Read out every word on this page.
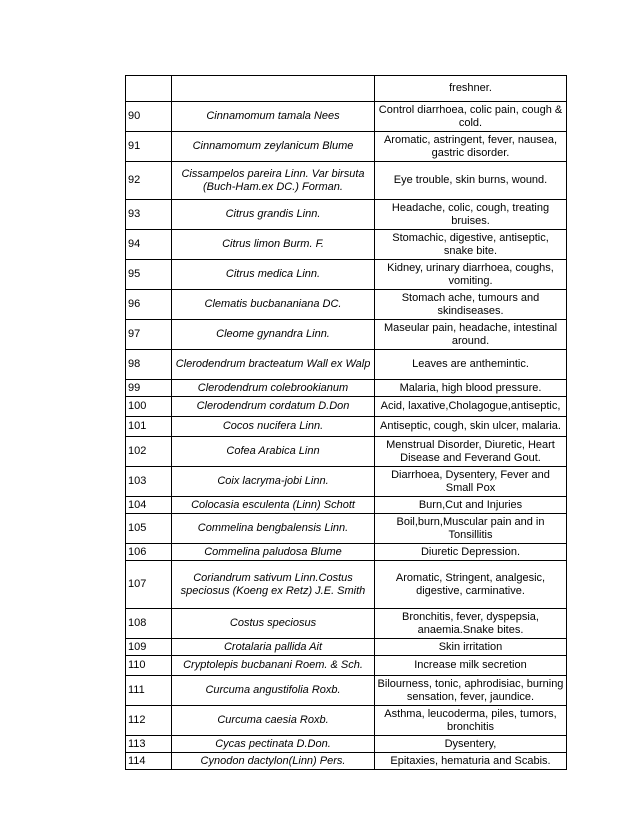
		freshner.
90	Cinnamomum tamala Nees	Control diarrhoea, colic pain, cough & cold.
91	Cinnamomum zeylanicum Blume	Aromatic, astringent, fever, nausea, gastric disorder.
92	Cissampelos pareira Linn. Var birsuta (Buch-Ham.ex DC.) Forman.	Eye trouble, skin burns, wound.
93	Citrus grandis Linn.	Headache, colic, cough, treating bruises.
94	Citrus limon Burm. F.	Stomachic, digestive, antiseptic, snake bite.
95	Citrus medica Linn.	Kidney, urinary diarrhoea, coughs, vomiting.
96	Clematis bucbananiana DC.	Stomach ache, tumours and skindiseases.
97	Cleome gynandra Linn.	Maseular pain, headache, intestinal around.
98	Clerodendrum bracteatum Wall ex Walp	Leaves are anthemintic.
99	Clerodendrum colebrookianum	Malaria, high blood pressure.
100	Clerodendrum cordatum D.Don	Acid, laxative,Cholagogue,antiseptic,
101	Cocos nucifera Linn.	Antiseptic, cough, skin ulcer, malaria.
102	Cofea Arabica Linn	Menstrual Disorder, Diuretic, Heart Disease and Feverand Gout.
103	Coix lacryma-jobi Linn.	Diarrhoea, Dysentery, Fever and Small Pox
104	Colocasia esculenta (Linn) Schott	Burn,Cut and Injuries
105	Commelina bengbalensis Linn.	Boil,burn,Muscular pain and in Tonsillitis
106	Commelina paludosa Blume	Diuretic Depression.
107	Coriandrum sativum Linn.Costus speciosus (Koeng ex Retz) J.E. Smith	Aromatic, Stringent, analgesic, digestive, carminative.
108	Costus speciosus	Bronchitis, fever, dyspepsia, anaemia.Snake bites.
109	Crotalaria pallida Ait	Skin irritation
110	Cryptolepis bucbanani Roem. & Sch.	Increase milk secretion
111	Curcuma angustifolia Roxb.	Bilourness, tonic, aphrodisiac, burning sensation, fever, jaundice.
112	Curcuma caesia Roxb.	Asthma, leucoderma, piles, tumors, bronchitis
113	Cycas pectinata D.Don.	Dysentery,
114	Cynodon dactylon(Linn) Pers.	Epitaxies, hematuria and Scabis.
